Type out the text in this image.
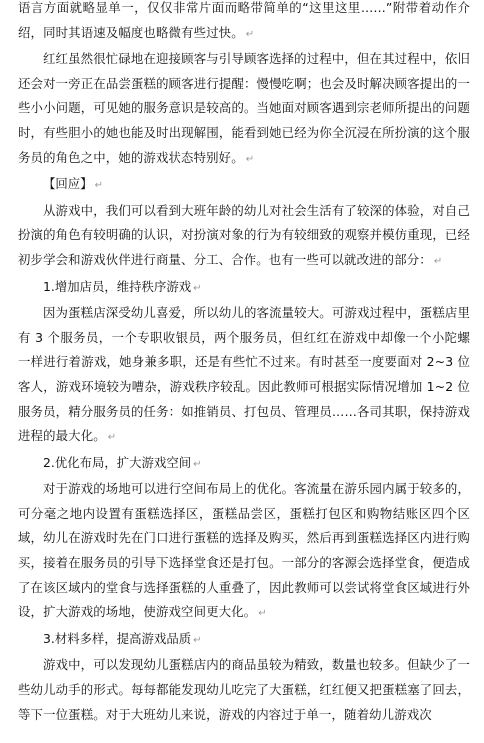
语言方面就略显单一，仅仅非常片面而略带简单的“这里这里……”附带着动作介绍，同时其语速及幅度也略微有些过快。 ↵

红红虽然很忙碌地在迎接顾客与引导顾客选择的过程中，但在其过程中，依旧还会对一旁正在品尝蛋糕的顾客进行提醒：慢慢吃啊；也会及时解决顾客提出的一些小小问题，可见她的服务意识是较高的。当她面对顾客遇到宗老师所提出的问题时，有些胆小的她也能及时出现解围，能看到她已经为你全沉浸在所扮演的这个服务员的角色之中，她的游戏状态特别好。 ↵

【回应】 ↵

从游戏中，我们可以看到大班年龄的幼儿对社会生活有了较深的体验，对自己扮演的角色有较明确的认识，对扮演对象的行为有较细致的观察并模仿重现，已经初步学会和游戏伙伴进行商量、分工、合作。也有一些可以就改进的部分： ↵

1.增加店员，维持秩序游戏 ↵

因为蛋糕店深受幼儿喜爱，所以幼儿的客流量较大。可游戏过程中，蛋糕店里有 3 个服务员，一个专职收银员，两个服务员，但红红在游戏中却像一个小陀螺一样进行着游戏，她身兼多职，还是有些忙不过来。有时甚至一度要面对 2~3 位客人，游戏环境较为嘈杂，游戏秩序较乱。因此教师可根据实际情况增加 1~2 位服务员，精分服务员的任务：如推销员、打包员、管理员……各司其职，保持游戏进程的最大化。 ↵

2.优化布局，扩大游戏空间 ↵

对于游戏的场地可以进行空间布局上的优化。客流量在游乐园内属于较多的，可分毫之地内设置有蛋糕选择区，蛋糕品尝区，蛋糕打包区和购物结账区四个区域，幼儿在游戏时先在门口进行蛋糕的选择及购买，然后再到蛋糕选择区内进行购买，接着在服务员的引导下选择堂食还是打包。一部分的客源会选择堂食，便造成了在该区域内的堂食与选择蛋糕的人重叠了，因此教师可以尝试将堂食区域进行外设，扩大游戏的场地，使游戏空间更大化。 ↵

3.材料多样，提高游戏品质 ↵

游戏中，可以发现幼儿蛋糕店内的商品虽较为精致，数量也较多。但缺少了一些幼儿动手的形式。每每都能发现幼儿吃完了大蛋糕，红红便又把蛋糕塞了回去，等下一位蛋糕。对于大班幼儿来说，游戏的内容过于单一，随着幼儿游戏次
